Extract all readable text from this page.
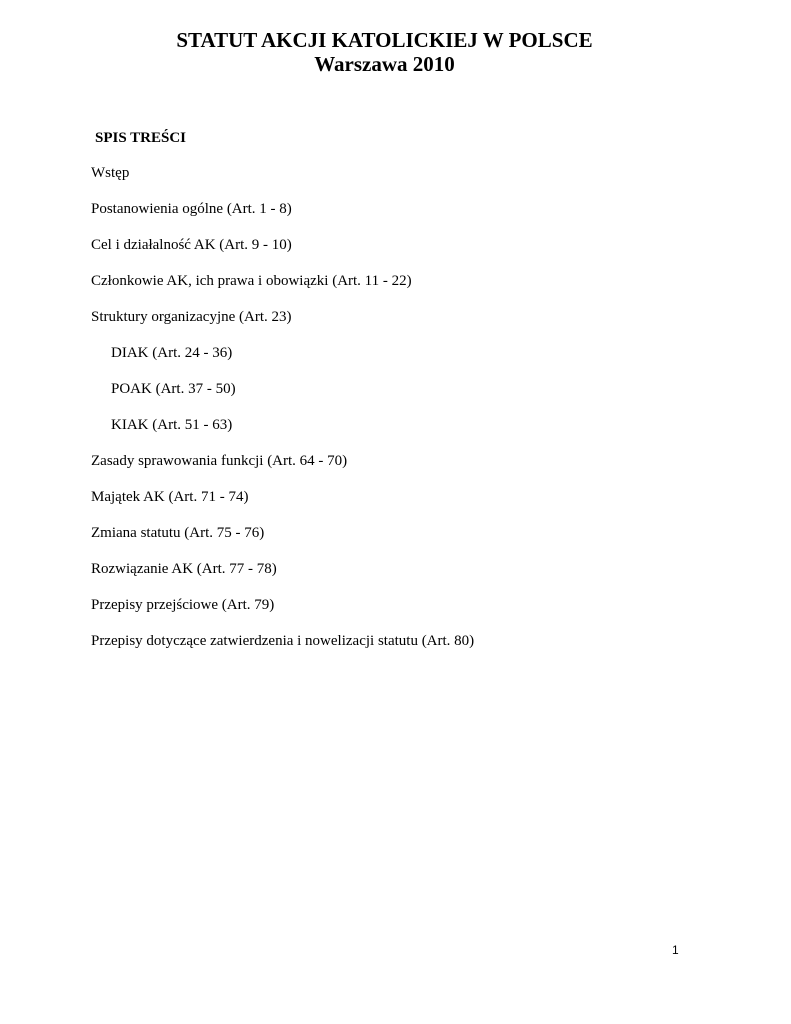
STATUT AKCJI KATOLICKIEJ W POLSCE
Warszawa 2010
SPIS TREŚCI
Wstęp
Postanowienia ogólne (Art. 1 - 8)
Cel i działalność AK (Art. 9 - 10)
Członkowie AK, ich prawa i obowiązki (Art. 11 - 22)
Struktury organizacyjne (Art. 23)
DIAK (Art. 24 - 36)
POAK (Art. 37 - 50)
KIAK (Art. 51 - 63)
Zasady sprawowania funkcji (Art. 64 - 70)
Majątek AK (Art. 71 - 74)
Zmiana statutu (Art. 75 - 76)
Rozwiązanie AK (Art. 77 - 78)
Przepisy przejściowe (Art. 79)
Przepisy dotyczące zatwierdzenia i nowelizacji statutu (Art. 80)
1
